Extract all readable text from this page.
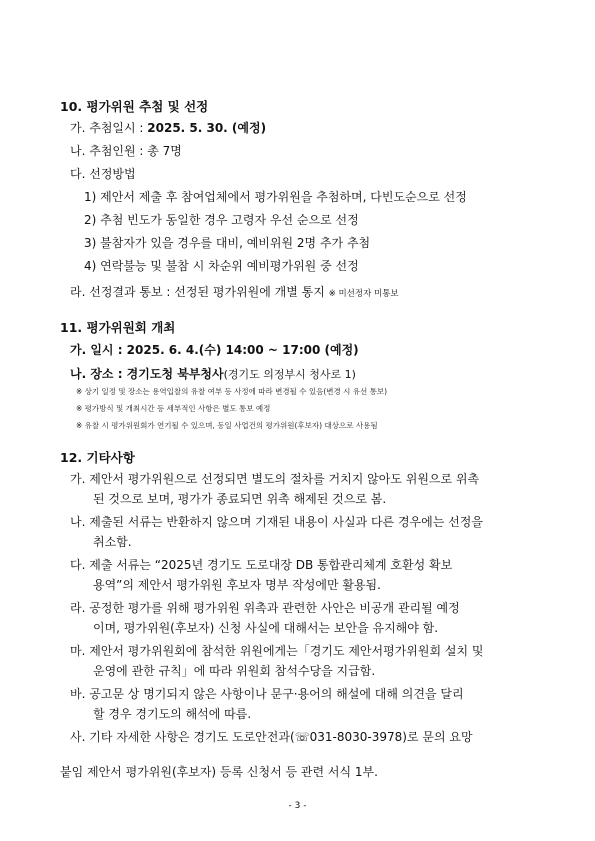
10. 평가위원 추첨 및 선정
가. 추첨일시 : 2025. 5. 30. (예정)
나. 추첨인원 : 총 7명
다. 선정방법
1) 제안서 제출 후 참여업체에서 평가위원을 추첨하며, 다빈도순으로 선정
2) 추첨 빈도가 동일한 경우 고령자 우선 순으로 선정
3) 불참자가 있을 경우를 대비, 예비위원 2명 추가 추첨
4) 연락불능 및 불참 시 차순위 예비평가위원 중 선정
라. 선정결과 통보 : 선정된 평가위원에 개별 통지 ※ 미선정자 미통보
11. 평가위원회 개최
가. 일시 : 2025. 6. 4.(수) 14:00 ~ 17:00 (예정)
나. 장소 : 경기도청 북부청사(경기도 의정부시 청사로 1)
※ 상기 일정 및 장소는 용역입찰의 유찰 여부 등 사정에 따라 변경될 수 있음(변경 시 유선 통보)
※ 평가방식 및 개최시간 등 세부적인 사항은 별도 통보 예정
※ 유찰 시 평가위원회가 연기될 수 있으며, 동일 사업건의 평가위원(후보자) 대상으로 사용됨
12. 기타사항
가. 제안서 평가위원으로 선정되면 별도의 절차를 거치지 않아도 위원으로 위촉
된 것으로 보며, 평가가 종료되면 위촉 해제된 것으로 봄.
나. 제출된 서류는 반환하지 않으며 기재된 내용이 사실과 다른 경우에는 선정을
취소함.
다. 제출 서류는 “2025년 경기도 도로대장 DB 통합관리체계 호환성 확보
용역”의 제안서 평가위원 후보자 명부 작성에만 활용됨.
라. 공정한 평가를 위해 평가위원 위촉과 관련한 사안은 비공개 관리될 예정
이며, 평가위원(후보자) 신청 사실에 대해서는 보안을 유지해야 함.
마. 제안서 평가위원회에 참석한 위원에게는「경기도 제안서평가위원회 설치 및
운영에 관한 규칙」에 따라 위원회 참석수당을 지급함.
바. 공고문 상 명기되지 않은 사항이나 문구·용어의 해설에 대해 의견을 달리
할 경우 경기도의 해석에 따름.
사. 기타 자세한 사항은 경기도 도로안전과(☏031-8030-3978)로 문의 요망
붙임 제안서 평가위원(후보자) 등록 신청서 등 관련 서식 1부.
- 3 -
